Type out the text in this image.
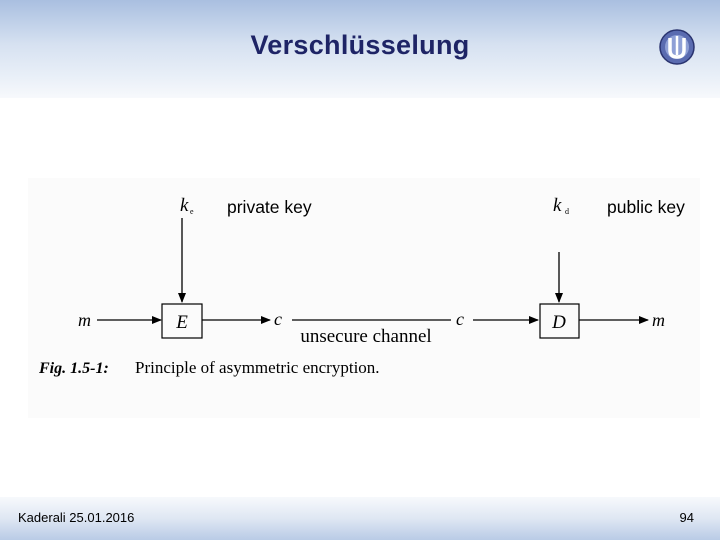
Verschlüsselung
k e private key	k d public key
m	E	c
unsecure channel
c	D	m
Fig. 1.5-1: Principle of asymmetric encryption.
Kaderali 25.01.2016	94
